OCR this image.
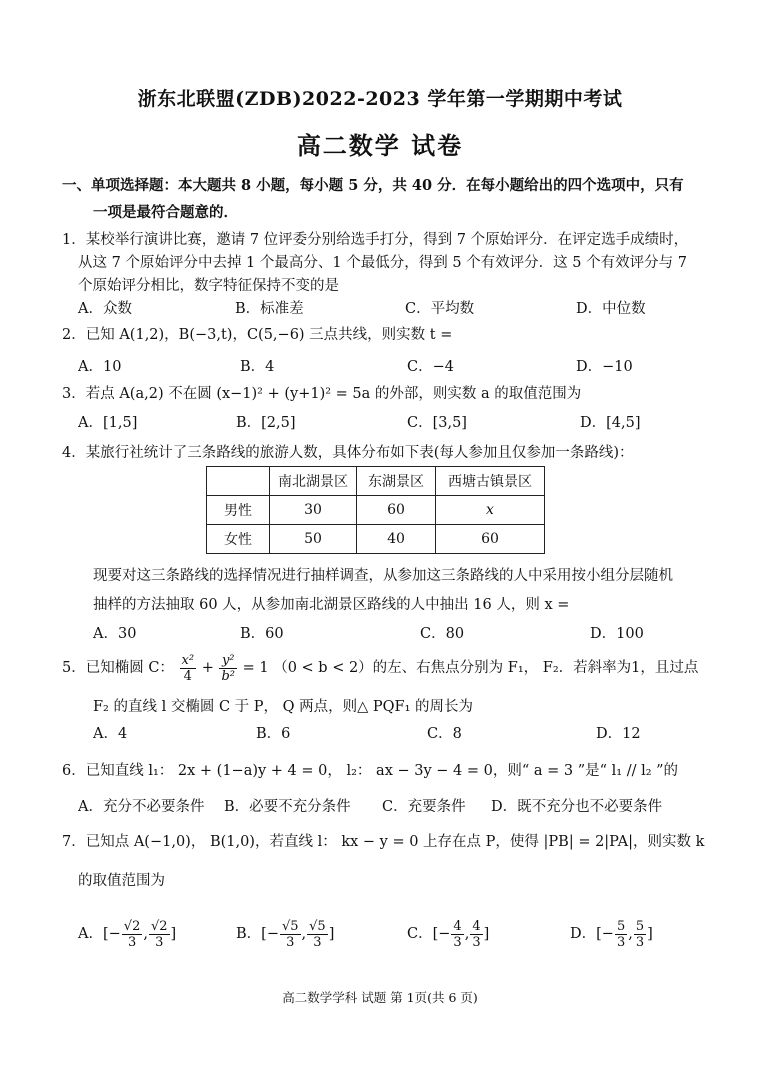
浙东北联盟(ZDB)2022-2023 学年第一学期期中考试
高二数学 试卷
一、单项选择题：本大题共 8 小题，每小题 5 分，共 40 分．在每小题给出的四个选项中，只有
一项是最符合题意的．
1．某校举行演讲比赛，邀请 7 位评委分别给选手打分，得到 7 个原始评分．在评定选手成绩时，
从这 7 个原始评分中去掉 1 个最高分、1 个最低分，得到 5 个有效评分．这 5 个有效评分与 7
个原始评分相比，数字特征保持不变的是
A．众数	B．标准差	C．平均数	D．中位数
2．已知 A(1,2)，B(−3,t)，C(5,−6) 三点共线，则实数 t =
A．10	B．4	C．−4	D．−10
3．若点 A(a,2) 不在圆 (x−1)² + (y+1)² = 5a 的外部，则实数 a 的取值范围为
A．[1,5]	B．[2,5]	C．[3,5]	D．[4,5]
4．某旅行社统计了三条路线的旅游人数，具体分布如下表(每人参加且仅参加一条路线)：
	南北湖景区	东湖景区	西塘古镇景区
男性	30	60	x
女性	50	40	60
现要对这三条路线的选择情况进行抽样调查，从参加这三条路线的人中采用按小组分层随机
抽样的方法抽取 60 人，从参加南北湖景区路线的人中抽出 16 人，则 x =
A．30	B．60	C．80	D．100
5．已知椭圆 C： $\frac{\text{x²}}{4} + \frac{\text{y²}}{\text{b²}} = 1$ （0 < b < 2）的左、右焦点分别为 F₁， F₂．若斜率为1，且过点
F₂ 的直线 l 交椭圆 C 于 P， Q 两点，则△ PQF₁ 的周长为
A．4	B．6	C．8	D．12
6．已知直线 l₁： 2x + (1−a)y + 4 = 0， l₂： ax − 3y − 4 = 0，则“ a = 3 ”是“ l₁ // l₂ ”的
A．充分不必要条件 B．必要不充分条件 C．充要条件 D．既不充分也不必要条件
7．已知点 A(−1,0)， B(1,0)，若直线 l： kx − y = 0 上存在点 P，使得 |PB| = 2|PA|，则实数 k
的取值范围为
A．[− $\frac{√2}{3}$ , $\frac{√2}{3}$ ]	B．[− $\frac{√5}{3}$ , $\frac{√5}{3}$ ]	C．[− $\frac{4}{3}$ , $\frac{4}{3}$ ]	D．[− $\frac{5}{3}$ , $\frac{5}{3}$ ]
高二数学学科 试题 第 1页(共 6 页)
